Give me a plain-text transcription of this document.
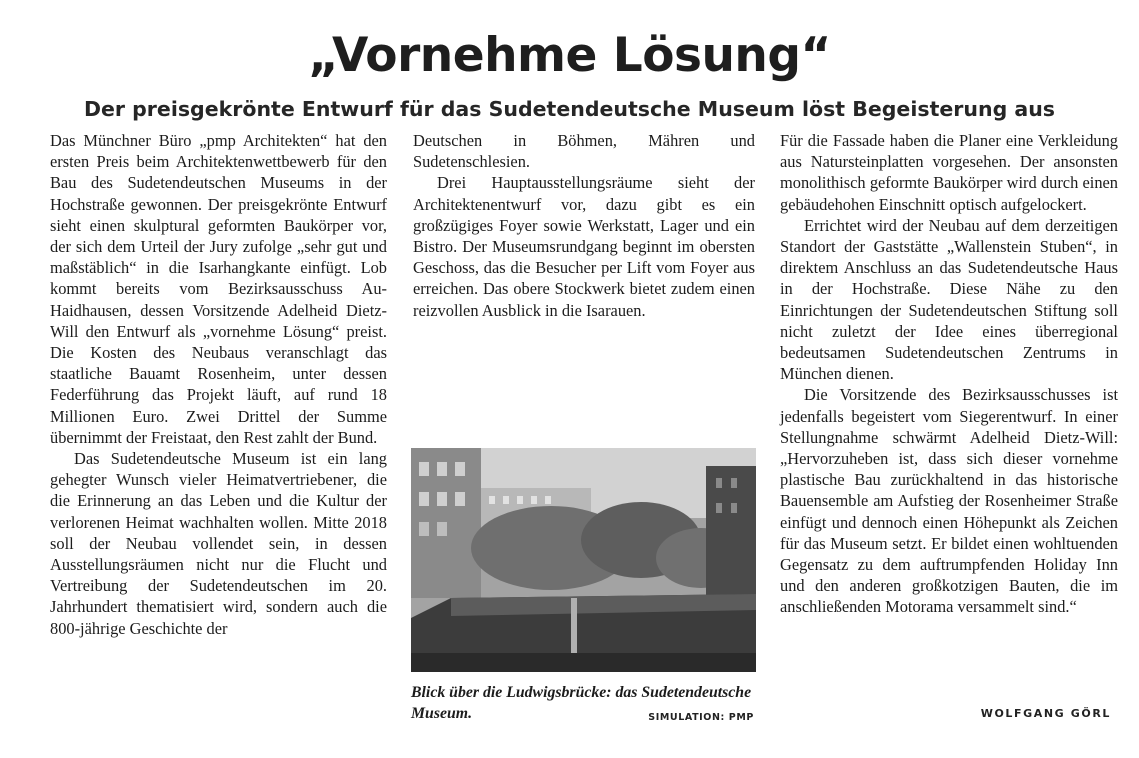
„Vornehme Lösung“
Der preisgekrönte Entwurf für das Sudetendeutsche Museum löst Begeisterung aus

Das Münchner Büro „pmp Architekten“ hat den ersten Preis beim Architektenwettbewerb für den Bau des Sudetendeutschen Museums in der Hochstraße gewonnen. Der preisgekrönte Entwurf sieht einen skulptural geformten Baukörper vor, der sich dem Urteil der Jury zufolge „sehr gut und maßstäblich“ in die Isarhangkante einfügt. Lob kommt bereits vom Bezirksausschuss Au-Haidhausen, dessen Vorsitzende Adelheid Dietz-Will den Entwurf als „vornehme Lösung“ preist. Die Kosten des Neubaus veranschlagt das staatliche Bauamt Rosenheim, unter dessen Federführung das Projekt läuft, auf rund 18 Millionen Euro. Zwei Drittel der Summe übernimmt der Freistaat, den Rest zahlt der Bund.

Das Sudetendeutsche Museum ist ein lang gehegter Wunsch vieler Heimatvertriebener, die die Erinnerung an das Leben und die Kultur der verlorenen Heimat wachhalten wollen. Mitte 2018 soll der Neubau vollendet sein, in dessen Ausstellungsräumen nicht nur die Flucht und Vertreibung der Sudetendeutschen im 20. Jahrhundert thematisiert wird, sondern auch die 800-jährige Geschichte der

Deutschen in Böhmen, Mähren und Sudetenschlesien.

Drei Hauptausstellungsräume sieht der Architektenentwurf vor, dazu gibt es ein großzügiges Foyer sowie Werkstatt, Lager und ein Bistro. Der Museumsrundgang beginnt im obersten Geschoss, das die Besucher per Lift vom Foyer aus erreichen. Das obere Stockwerk bietet zudem einen reizvollen Ausblick in die Isarauen.

Für die Fassade haben die Planer eine Verkleidung aus Natursteinplatten vorgesehen. Der ansonsten monolithisch geformte Baukörper wird durch einen gebäudehohen Einschnitt optisch aufgelockert.

Errichtet wird der Neubau auf dem derzeitigen Standort der Gaststätte „Wallenstein Stuben“, in direktem Anschluss an das Sudetendeutsche Haus in der Hochstraße. Diese Nähe zu den Einrichtungen der Sudetendeutschen Stiftung soll nicht zuletzt der Idee eines überregional bedeutsamen Sudetendeutschen Zentrums in München dienen.

Die Vorsitzende des Bezirksausschusses ist jedenfalls begeistert vom Siegerentwurf. In einer Stellungnahme schwärmt Adelheid Dietz-Will: „Hervorzuheben ist, dass sich dieser vornehme plastische Bau zurückhaltend in das historische Bauensemble am Aufstieg der Rosenheimer Straße einfügt und dennoch einen Höhepunkt als Zeichen für das Museum setzt. Er bildet einen wohltuenden Gegensatz zu dem auftrumpfenden Holiday Inn und den anderen großkotzigen Bauten, die im anschließenden Motorama versammelt sind.“

Blick über die Ludwigsbrücke: das Sudetendeutsche Museum.	SIMULATION: PMP	WOLFGANG GÖRL
